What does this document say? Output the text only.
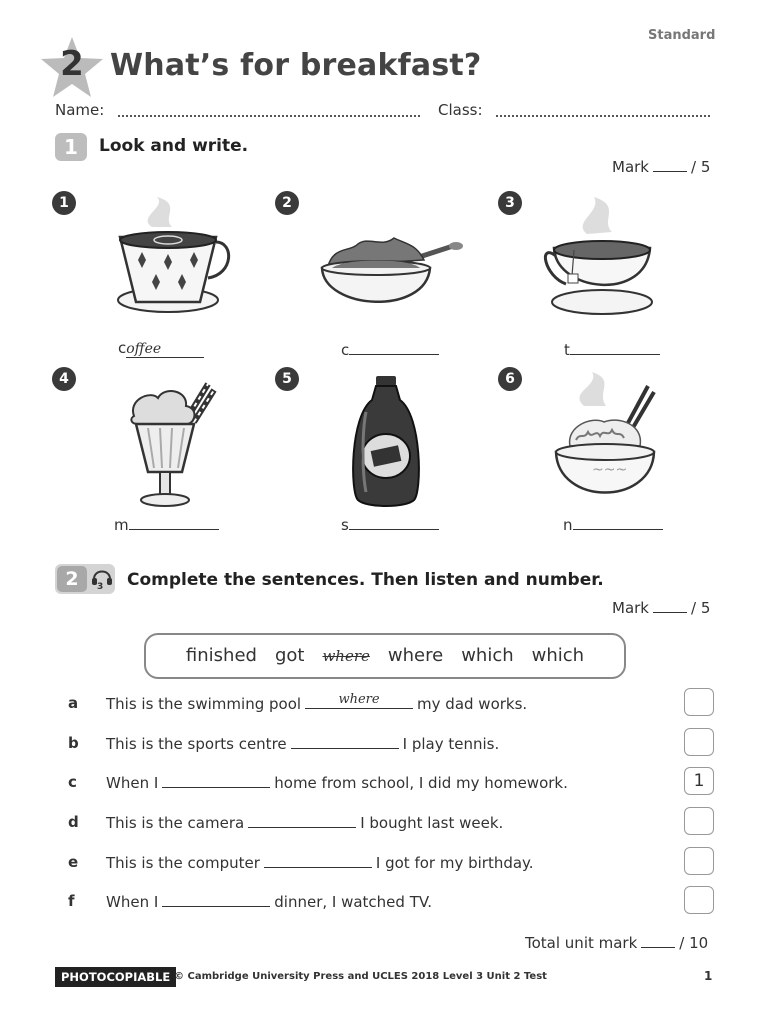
Standard
2 What’s for breakfast?
Name:	Class:
1	Look and write.
Mark	/ 5
1	2	3
4	5	6
~~~
coffee	c	t
m	s	n
2	3 Complete the sentences. Then listen and number.
Mark	/ 5
finished got where where which which
a This is the swimming pool	where	my dad works.
b This is the sports centre	I play tennis.
c When I	home from school, I did my homework.	1
d This is the camera	I bought last week.
e This is the computer	I got for my birthday.
f When I	dinner, I watched TV.
Total unit mark	/ 10
PHOTOCOPIABLE © Cambridge University Press and UCLES 2018 Level 3 Unit 2 Test	1
